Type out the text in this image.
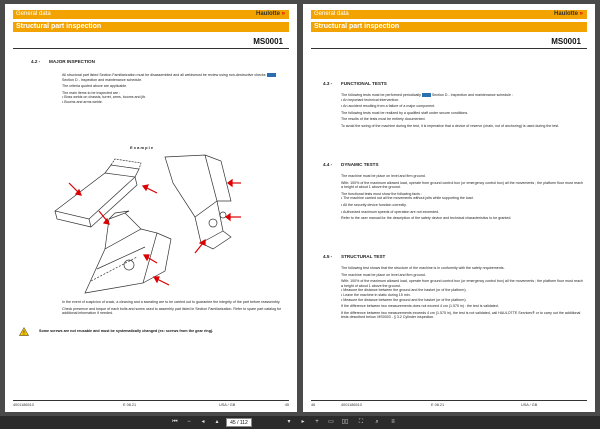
General data	Haulotte »
Structural part inspection
MS0001
4.2 - MAJOR INSPECTION

All structural part listed Section Familiarization must be disassembled and all weldsmust be review using non-destructive checks  Section D - Inspection and maintenance schedule.

The criteria quoted above are applicable.

The main items to be inspected are :

• Boss welds on chassis, turret, arms, booms and jib.

• Booms and arms welde.

E x a m p l e

In the event of suspicion of crack, a cleaning and a sweating are to be carried out to guarantee the integrity of the part before reassembly.

Check presence and torque of each bolts and screw used to assembly part listed in Section Familiarization. Refer to spare part catalog for additional information if needed.

!	Some screws are not reusable and must be systematically changed (ex: screws from the gear ring).
4001186510	E 08.21	USA / GB	45
General data	Haulotte »
Structural part inspection
MS0001
4.3 - FUNCTIONAL TESTS

The following tests must be performed periodically	Section D - Inspection and maintenance schedule :

• An important technical intervention.

• An accident resulting from a failure of a major component.

The following tests must be realized by a qualified staff under secure conditions.

The results of the tests must be entirely documented.

To avoid the swing of the machine during the test, it is imperative that a device of reserve (chain, not of anchoring) is used during the test.

4.4 - DYNAMIC TESTS

The machine must be place on level and firm ground.

With: 100% of the maximum allowed load, operate from ground control box (or emergency control box) all the movements ; the platform floor must reach a height of about 1 above the ground.

The functional tests must show the following facts :

• The machine carried out all the movements without jolts while supporting the load.

• All the security device function correctly.

• Authorized maximum speeds of operation are not exceeded.

Refer to the user manual for the description of the safety device and technical characteristics to be granted.

4.5 - STRUCTURAL TEST

The following test shows that the structure of the machine is in conformity with the safety requirements.

The machine must be place on level and firm ground.

With: 100% of the maximum allowed load, operate from ground control box (or emergency control box) all the movements ; the platform floor must reach a height of about 1 above the ground.

• Measure the distance between the ground and the basket (or of the platform).

• Leave the machine in static during 15 min.

• Measure the distance between the ground and the basket (or of the platform).

If the difference between two measurements does not exceed 4 cm (1.575 in) : the test is validated.

If the difference between two measurements exceeds 4 cm (1.575 in), the test is not validated, call HAULOTTE Services® or to carry out the additional tests described below. MS0003 - § 3.2 Cylinder inspection.

46	4001186510	E 08.21	USA / GB
⏮	−	◂	▴	45 / 112	▾	▸	+	▭	▯▯	⛶	⌕	≡
